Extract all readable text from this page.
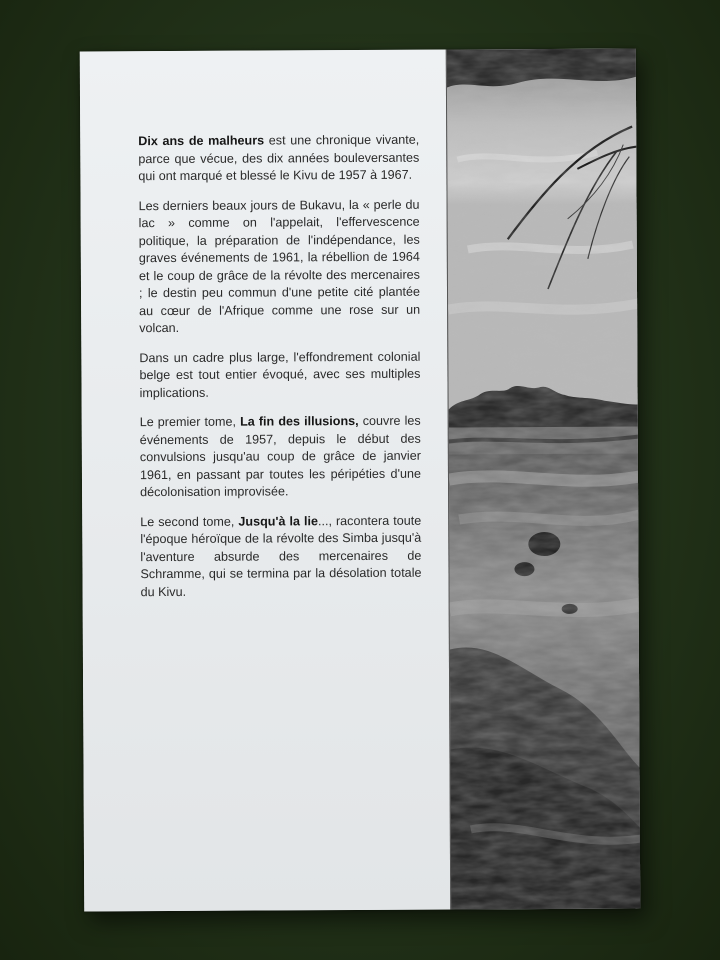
Dix ans de malheurs est une chronique vivante, parce que vécue, des dix années bouleversantes qui ont marqué et blessé le Kivu de 1957 à 1967.

Les derniers beaux jours de Bukavu, la « perle du lac » comme on l'appelait, l'effervescence politique, la préparation de l'indépendance, les graves événements de 1961, la rébellion de 1964 et le coup de grâce de la révolte des mercenaires ; le destin peu commun d'une petite cité plantée au cœur de l'Afrique comme une rose sur un volcan.

Dans un cadre plus large, l'effondrement colonial belge est tout entier évoqué, avec ses multiples implications.

Le premier tome, La fin des illusions, couvre les événements de 1957, depuis le début des convulsions jusqu'au coup de grâce de janvier 1961, en passant par toutes les péripéties d'une décolonisation improvisée.

Le second tome, Jusqu'à la lie..., racontera toute l'époque héroïque de la révolte des Simba jusqu'à l'aventure absurde des mercenaires de Schramme, qui se termina par la désolation totale du Kivu.
